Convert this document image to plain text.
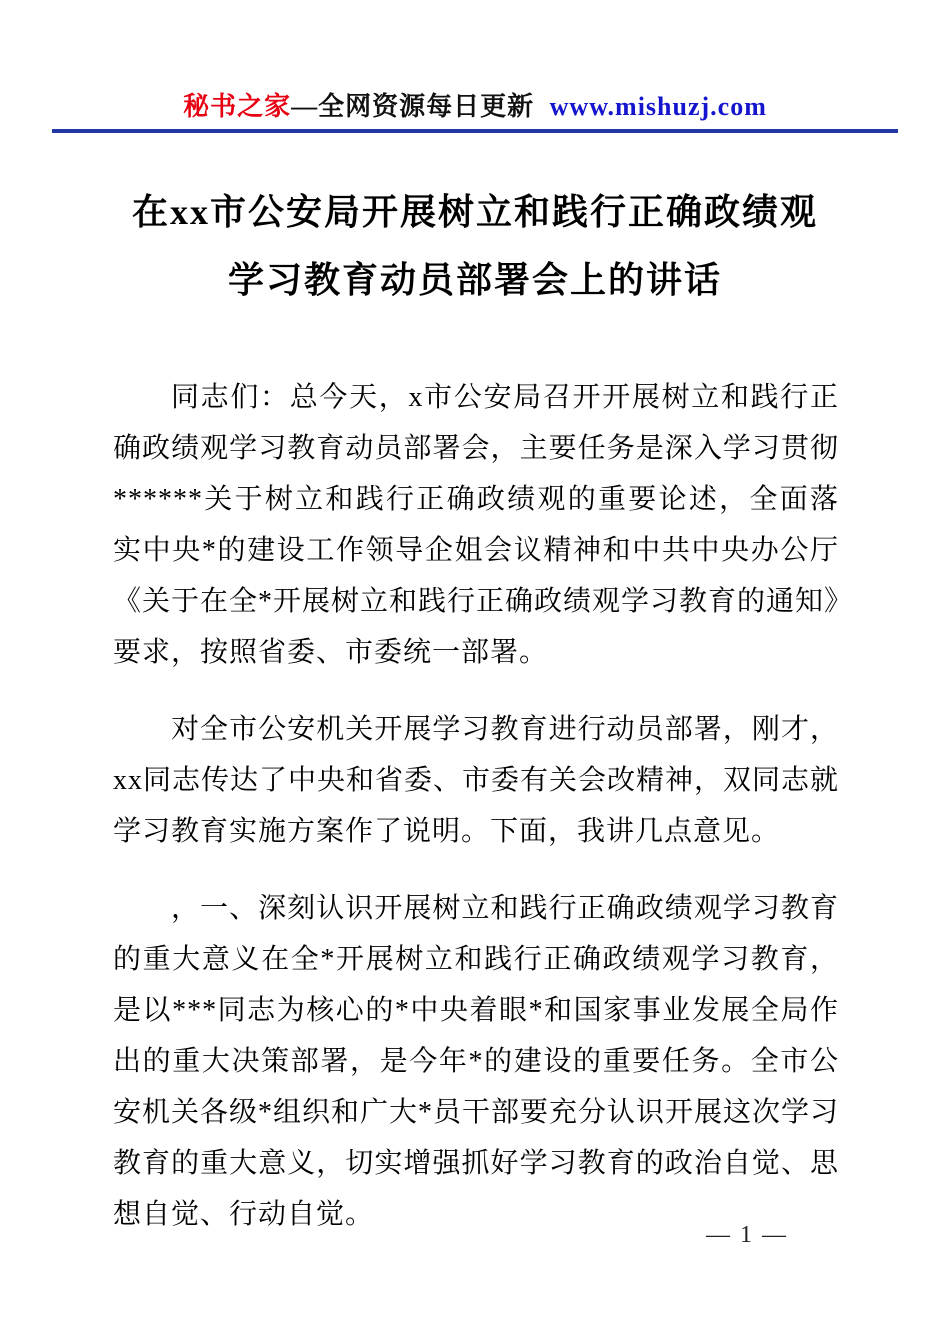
秘书之家—全网资源每日更新 www.mishuzj.com
在xx市公安局开展树立和践行正确政绩观
学习教育动员部署会上的讲话

同志们：总今天，x市公安局召开开展树立和践行正确政绩观学习教育动员部署会，主要任务是深入学习贯彻******关于树立和践行正确政绩观的重要论述，全面落实中央*的建设工作领导企姐会议精神和中共中央办公厅《关于在全*开展树立和践行正确政绩观学习教育的通知》要求，按照省委、市委统一部署。

对全市公安机关开展学习教育进行动员部署，刚才，xx同志传达了中央和省委、市委有关会改精神，双同志就学习教育实施方案作了说明。下面，我讲几点意见。

，一、深刻认识开展树立和践行正确政绩观学习教育的重大意义在全*开展树立和践行正确政绩观学习教育，是以***同志为核心的*中央着眼*和国家事业发展全局作出的重大决策部署，是今年*的建设的重要任务。全市公安机关各级*组织和广大*员干部要充分认识开展这次学习教育的重大意义，切实增强抓好学习教育的政治自觉、思想自觉、行动自觉。

— 1 —
